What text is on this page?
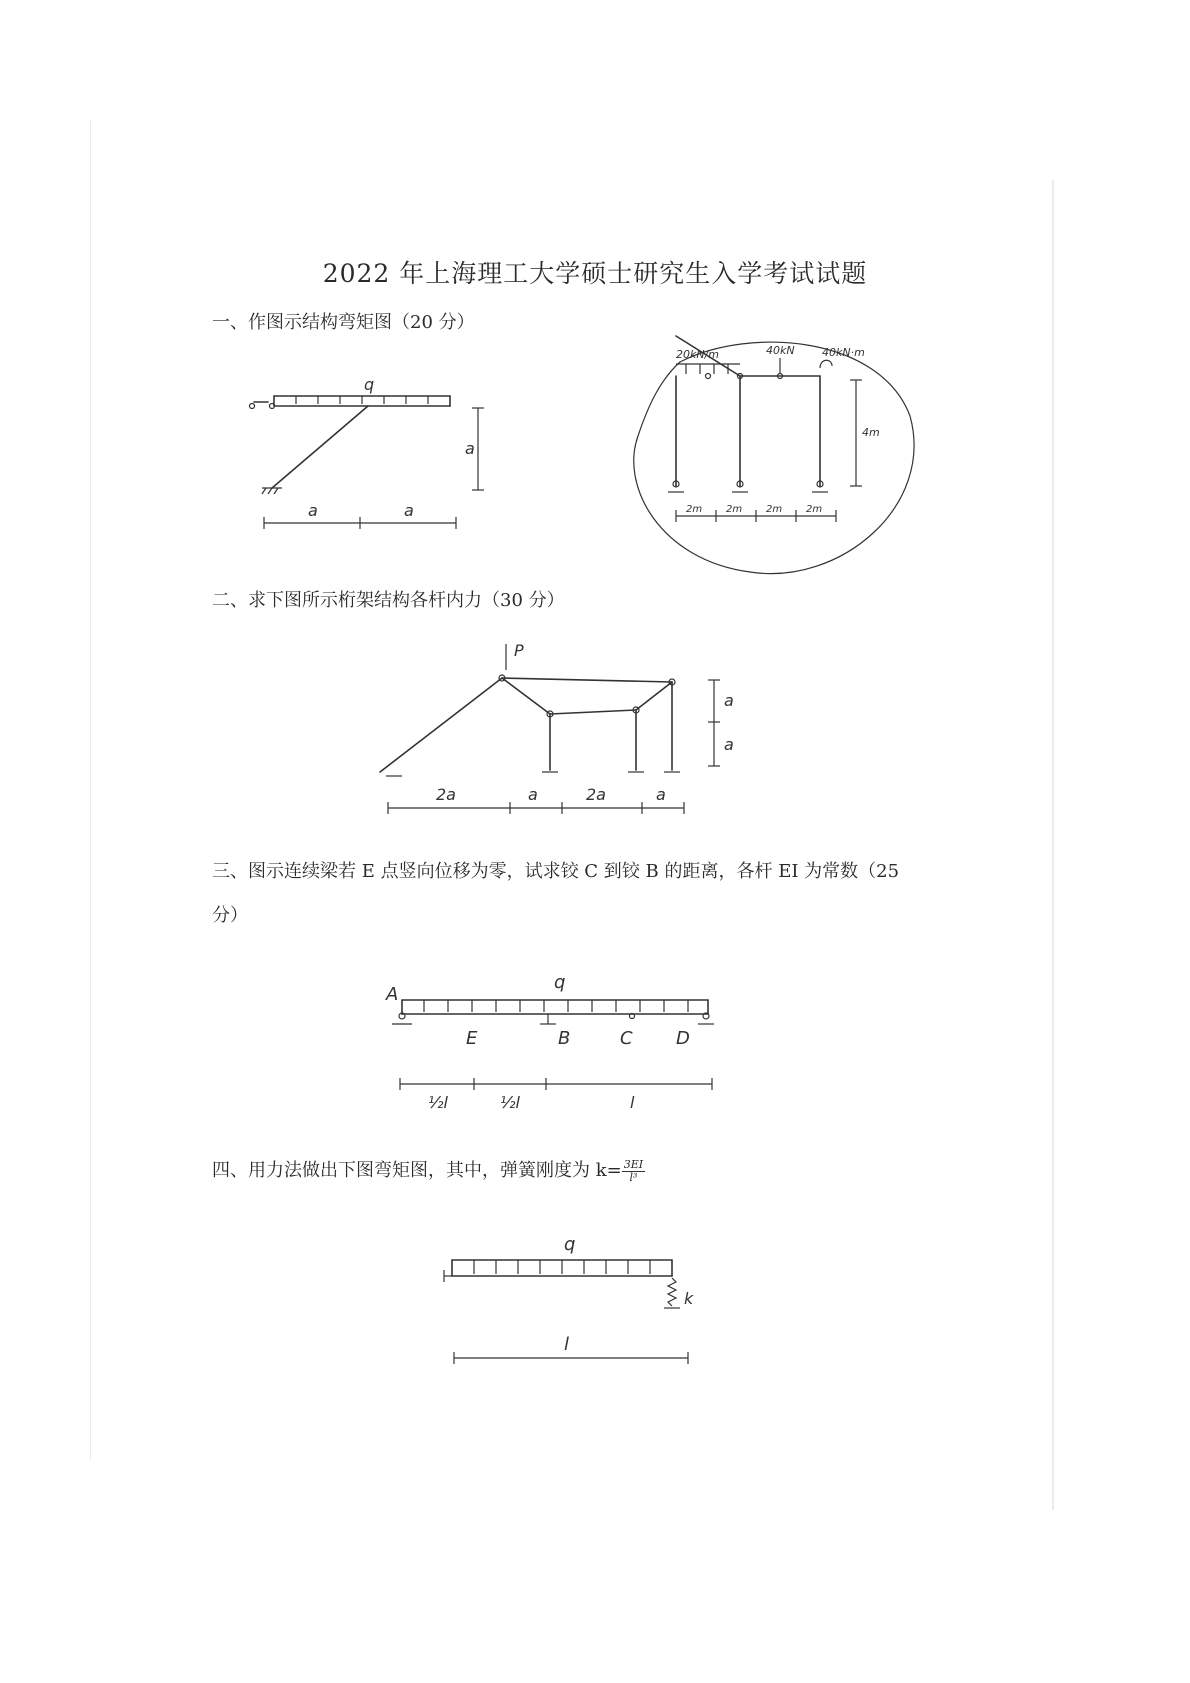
2022 年上海理工大学硕士研究生入学考试试题
一、作图示结构弯矩图（20 分）
q
a
a	a
20kN/m	40kN 40kN·m
4m
2m 2m 2m 2m
二、求下图所示桁架结构各杆内力（30 分）
P
a
a
2a	a	2a	a
三、图示连续梁若 E 点竖向位移为零，试求铰 C 到铰 B 的距离，各杆 EI 为常数（25 分）
q
A
E	B	C D
½l	½l	l
四、用力法做出下图弯矩图，其中，弹簧刚度为 $k= \frac{3EI}{\text{l³}}$
q
k
l
